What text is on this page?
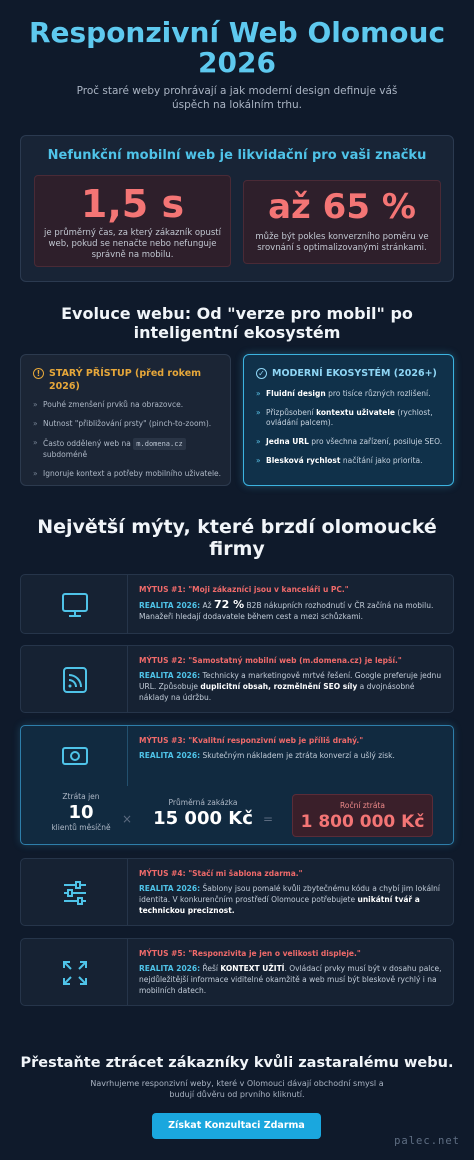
Responzivní Web Olomouc 2026

Proč staré weby prohrávají a jak moderní design definuje váš úspěch na lokálním trhu.

Nefunkční mobilní web je likvidační pro vaši značku
1,5 s
je průměrný čas, za který zákazník opustí web, pokud se nenačte nebo nefunguje správně na mobilu.
až 65 %
může být pokles konverzního poměru ve srovnání s optimalizovanými stránkami.
Evoluce webu: Od "verze pro mobil" po inteligentní ekosystém
! STARÝ PŘÍSTUP (před rokem 2026)
» Pouhé zmenšení prvků na obrazovce.
» Nutnost "přibližování prsty" (pinch-to-zoom).
» Často oddělený web na m.domena.cz subdoméně
» Ignoruje kontext a potřeby mobilního uživatele.
✓ MODERNÍ EKOSYSTÉM (2026+)
» Fluidní design pro tisíce různých rozlišení.
» Přizpůsobení kontextu uživatele (rychlost, ovládání palcem).
» Jedna URL pro všechna zařízení, posiluje SEO.
» Blesková rychlost načítání jako priorita.
Největší mýty, které brzdí olomoucké firmy
MÝTUS #1: "Moji zákazníci jsou v kanceláři u PC."
REALITA 2026: Až 72 % B2B nákupních rozhodnutí v ČR začíná na mobilu. Manažeři hledají dodavatele během cest a mezi schůzkami.
MÝTUS #2: "Samostatný mobilní web (m.domena.cz) je lepší."
REALITA 2026: Technicky a marketingově mrtvé řešení. Google preferuje jednu URL. Způsobuje duplicitní obsah, rozmělnění SEO síly a dvojnásobné náklady na údržbu.
MÝTUS #3: "Kvalitní responzivní web je příliš drahý."
REALITA 2026: Skutečným nákladem je ztráta konverzí a ušlý zisk.
Ztráta jen
10
klientů měsíčně
×
Průměrná zakázka
15 000 Kč =
Roční ztráta
1 800 000 Kč
MÝTUS #4: "Stačí mi šablona zdarma."
REALITA 2026: Šablony jsou pomalé kvůli zbytečnému kódu a chybí jim lokální identita. V konkurenčním prostředí Olomouce potřebujete unikátní tvář a technickou preciznost.
MÝTUS #5: "Responzivita je jen o velikosti displeje."
REALITA 2026: Řeší KONTEXT UŽITÍ. Ovládací prvky musí být v dosahu palce, nejdůležitější informace viditelné okamžitě a web musí být bleskově rychlý i na mobilních datech.
Přestaňte ztrácet zákazníky kvůli zastaralému webu.

Navrhujeme responzivní weby, které v Olomouci dávají obchodní smysl a budují důvěru od prvního kliknutí.

Získat Konzultaci Zdarma
palec.net
